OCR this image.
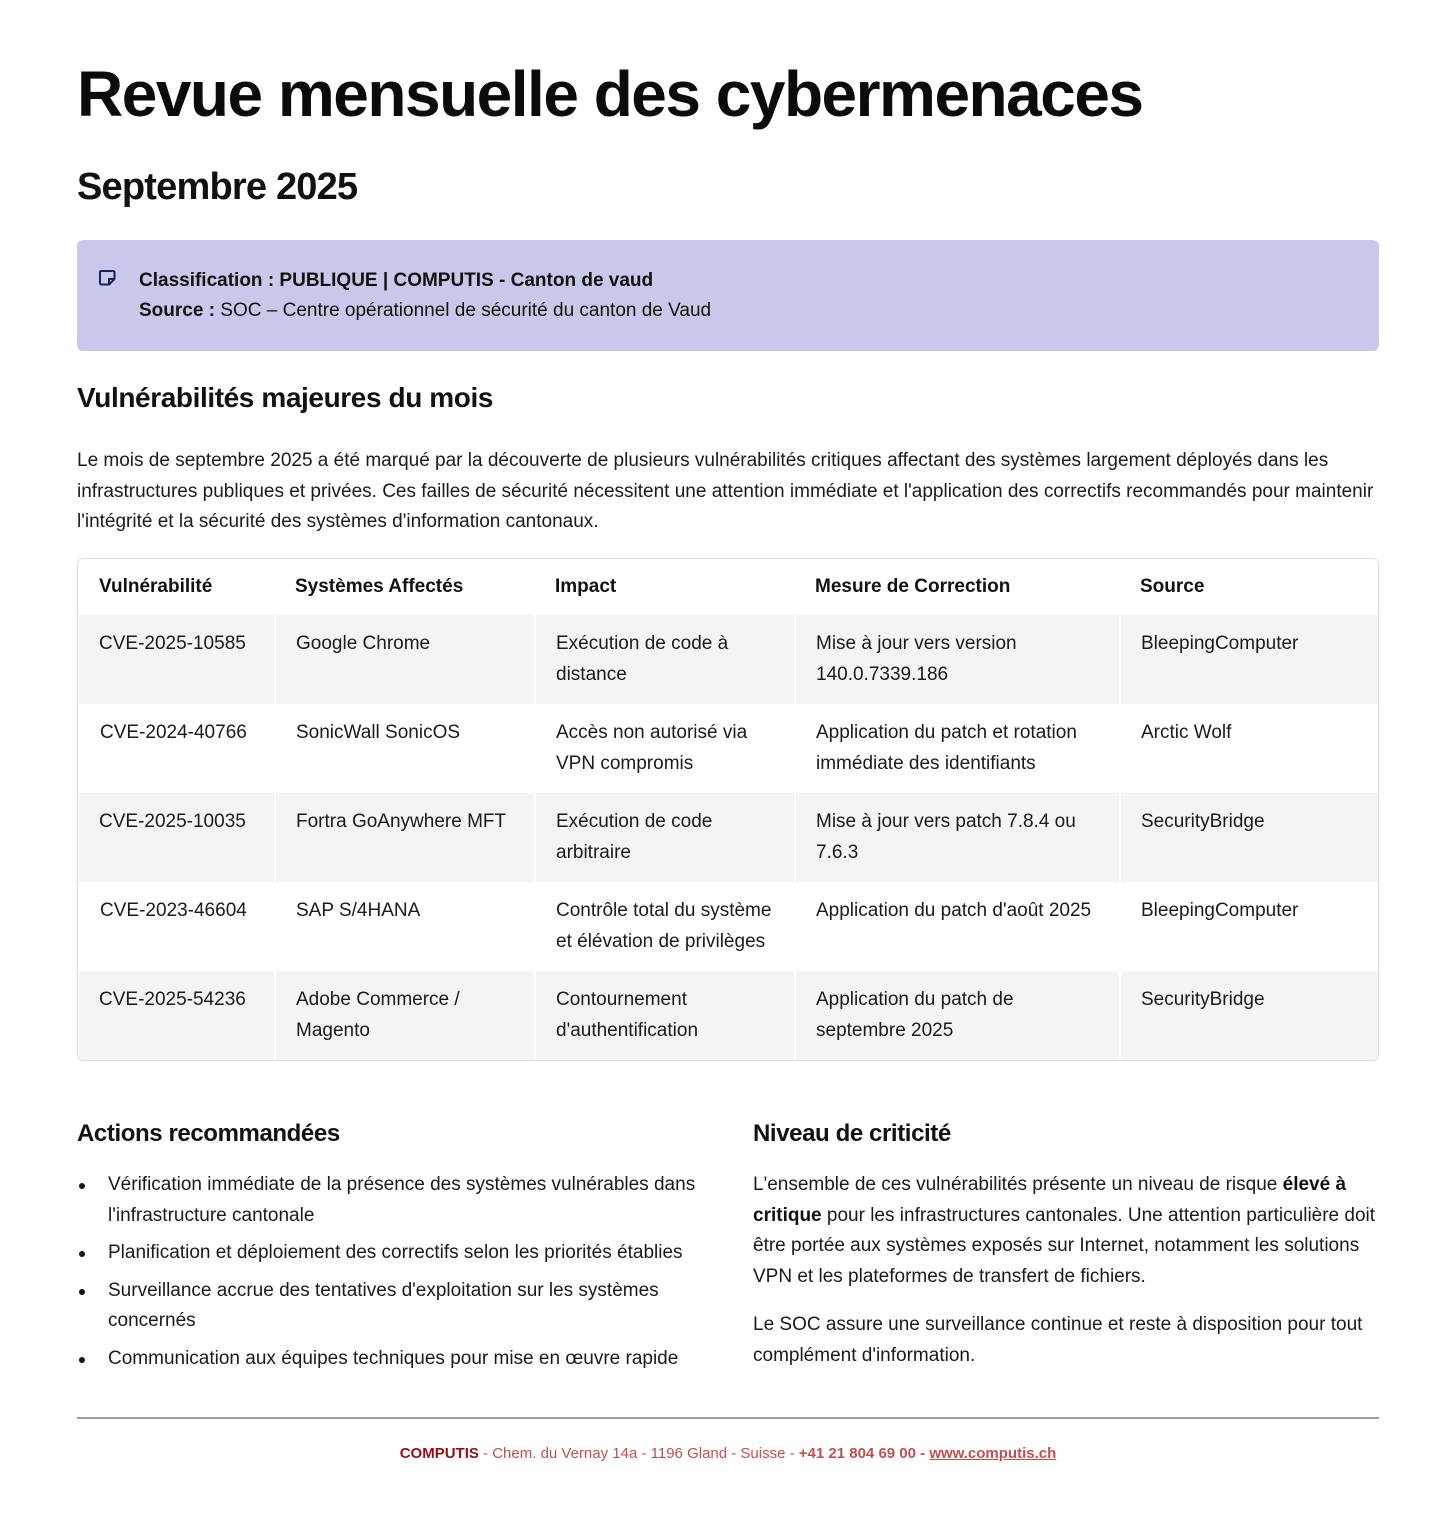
Revue mensuelle des cybermenaces
Septembre 2025
Classification : PUBLIQUE | COMPUTIS - Canton de vaud
Source : SOC – Centre opérationnel de sécurité du canton de Vaud
Vulnérabilités majeures du mois

Le mois de septembre 2025 a été marqué par la découverte de plusieurs vulnérabilités critiques affectant des systèmes largement déployés dans les infrastructures publiques et privées. Ces failles de sécurité nécessitent une attention immédiate et l'application des correctifs recommandés pour maintenir l'intégrité et la sécurité des systèmes d'information cantonaux.

Vulnérabilité	Systèmes Affectés	Impact	Mesure de Correction	Source
CVE-2025-10585	Google Chrome	Exécution de code à distance	Mise à jour vers version 140.0.7339.186	BleepingComputer
CVE-2024-40766	SonicWall SonicOS	Accès non autorisé via VPN compromis	Application du patch et rotation immédiate des identifiants	Arctic Wolf
CVE-2025-10035	Fortra GoAnywhere MFT	Exécution de code arbitraire	Mise à jour vers patch 7.8.4 ou 7.6.3	SecurityBridge
CVE-2023-46604	SAP S/4HANA	Contrôle total du système et élévation de privilèges	Application du patch d'août 2025	BleepingComputer
CVE-2025-54236	Adobe Commerce / Magento	Contournement d'authentification	Application du patch de septembre 2025	SecurityBridge
Actions recommandées
Vérification immédiate de la présence des systèmes vulnérables dans l'infrastructure cantonale
Planification et déploiement des correctifs selon les priorités établies
Surveillance accrue des tentatives d'exploitation sur les systèmes concernés
Communication aux équipes techniques pour mise en œuvre rapide
Niveau de criticité

L'ensemble de ces vulnérabilités présente un niveau de risque élevé à critique pour les infrastructures cantonales. Une attention particulière doit être portée aux systèmes exposés sur Internet, notamment les solutions VPN et les plateformes de transfert de fichiers.

Le SOC assure une surveillance continue et reste à disposition pour tout complément d'information.

COMPUTIS - Chem. du Vernay 14a - 1196 Gland - Suisse - +41 21 804 69 00 - www.computis.ch
